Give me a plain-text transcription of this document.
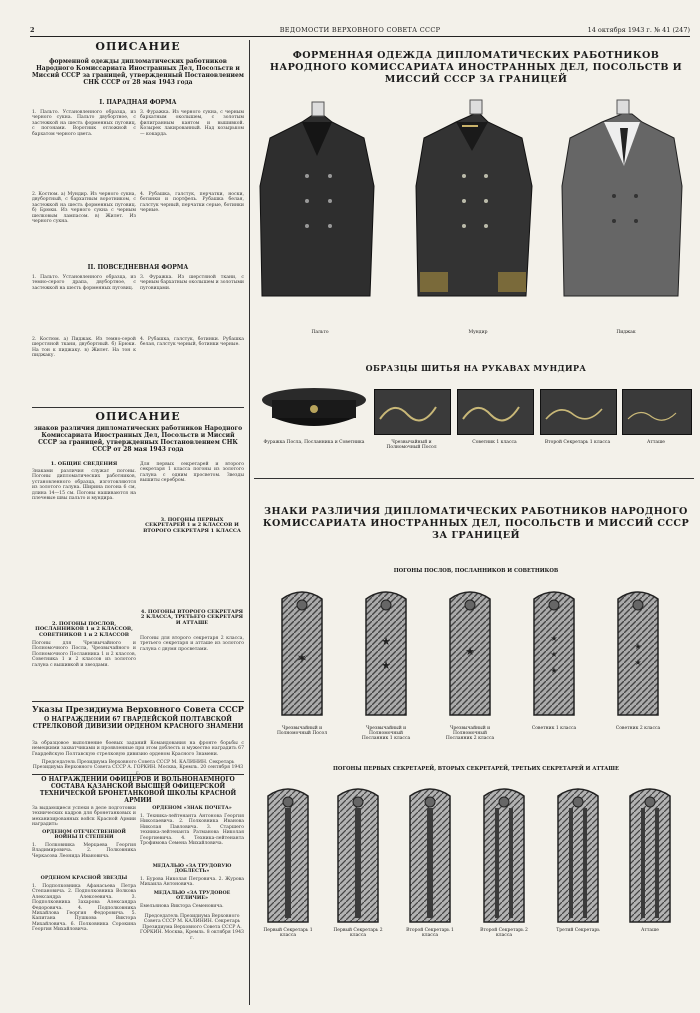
2	ВЕДОМОСТИ ВЕРХОВНОГО СОВЕТА СССР	14 октября 1943 г. № 41 (247)
ОПИСАНИЕ
форменной одежды дипломатических работников Народного Комиссариата Иностранных Дел, Посольств и Миссий СССР за границей, утвержденный Постановлением СНК СССР от 28 мая 1943 года
I. ПАРАДНАЯ ФОРМА
1. Пальто. Установленного образца, из черного сукна. Пальто двубортное, с застежкой на шесть форменных пуговиц, с погонами. Воротник отложной с бархатом черного цвета.
2. Костюм. а) Мундир. Из черного сукна, двубортный, с бархатным воротником, с застежкой на шесть форменных пуговиц. б) Брюки. Из черного сукна с черным шелковым лампасом. в) Жилет. Из черного сукна.
3. Фуражка. Из черного сукна, с черным бархатным околышем, с золотым филигранным кантом и вышивкой. Козырек лакированный. Над козырьком — кокарда.
4. Рубашка, галстук, перчатки, носки, ботинки и портфель. Рубашка белая, галстук черный, перчатки серые, ботинки черные.
II. ПОВСЕДНЕВНАЯ ФОРМА
1. Пальто. Установленного образца, из темно-серого драпа, двубортное, с застежкой на шесть форменных пуговиц.
2. Костюм. а) Пиджак. Из темно-серой шерстяной ткани, двубортный. б) Брюки. На тон к пиджаку. в) Жилет. На тон к пиджаку.
3. Фуражка. Из шерстяной ткани, с черным бархатным околышем и золотыми пуговицами.
4. Рубашка, галстук, ботинки. Рубашка белая, галстук черный, ботинки черные.
ОПИСАНИЕ
знаков различия дипломатических работников Народного Комиссариата Иностранных Дел, Посольств и Миссий СССР за границей, утвержденных Постановлением СНК СССР от 28 мая 1943 года
1. ОБЩИЕ СВЕДЕНИЯ
Знаками различия служат погоны. Погоны дипломатических работников, установленного образца, изготовляются из золотого галуна. Ширина погона 6 см, длина 14—15 см. Погоны нашиваются на плечевые швы пальто и мундира.
2. ПОГОНЫ ПОСЛОВ, ПОСЛАННИКОВ 1 и 2 КЛАССОВ, СОВЕТНИКОВ 1 и 2 КЛАССОВ
Погоны для Чрезвычайного и Полномочного Посла, Чрезвычайного и Полномочного Посланника 1 и 2 классов, Советника 1 и 2 классов из золотого галуна с вышивкой и звездами.
3. ПОГОНЫ ПЕРВЫХ СЕКРЕТАРЕЙ 1 и 2 КЛАССОВ И ВТОРОГО СЕКРЕТАРЯ 1 КЛАССА
Для первых секретарей и второго секретаря 1 класса погоны из золотого галуна с одним просветом. Звезды вышиты серебром.
4. ПОГОНЫ ВТОРОГО СЕКРЕТАРЯ 2 КЛАССА, ТРЕТЬЕГО СЕКРЕТАРЯ И АТТАШЕ
Погоны для второго секретаря 2 класса, третьего секретаря и атташе из золотого галуна с двумя просветами.
Указы Президиума Верховного Совета СССР
О НАГРАЖДЕНИИ 67 ГВАРДЕЙСКОЙ ПОЛТАВСКОЙ СТРЕЛКОВОЙ ДИВИЗИИ ОРДЕНОМ КРАСНОГО ЗНАМЕНИ
За образцовое выполнение боевых заданий Командования на фронте борьбы с немецкими захватчиками и проявленные при этом доблесть и мужество наградить 67 Гвардейскую Полтавскую стрелковую дивизию орденом Красного Знамени.
Председатель Президиума Верховного Совета СССР М. КАЛИНИН. Секретарь Президиума Верховного Совета СССР А. ГОРКИН. Москва, Кремль. 20 сентября 1943
О НАГРАЖДЕНИИ ОФИЦЕРОВ И ВОЛЬНОНАЕМНОГО СОСТАВА КАЗАНСКОЙ ВЫСШЕЙ ОФИЦЕРСКОЙ ТЕХНИЧЕСКОЙ БРОНЕТАНКОВОЙ ШКОЛЫ КРАСНОЙ АРМИИ
За выдающиеся успехи в деле подготовки технических кадров для бронетанковых и механизированных войск Красной Армии наградить:
ОРДЕНОМ ОТЕЧЕСТВЕННОЙ ВОЙНЫ II СТЕПЕНИ
1. Полковника Мерцаева Георгия Владимировича. 2. Полковника Черкасова Леонида Ивановича.
ОРДЕНОМ КРАСНОЙ ЗВЕЗДЫ
1. Подполковника Афанасьева Петра Степановича. 2. Подполковника Волкова Александра Алексеевича. 3. Подполковника Захарова Александра Федоровича. 4. Подполковника Михайлова Георгия Федоровича. 5. Капитана Пушкова Виктора Михайловича. 6. Полковника Сорокина Георгия Михайловича.
ОРДЕНОМ «ЗНАК ПОЧЕТА»
1. Техника-лейтенанта Антонова Георгия Николаевича. 2. Полковника Иванова Николая Павловича. 3. Старшего техника-лейтенанта Ратманова Николая Георгиевича. 4. Техника-лейтенанта Трофимова Семена Михайловича.
МЕДАЛЬЮ «ЗА ТРУДОВУЮ ДОБЛЕСТЬ»
1. Бурова Николая Петровича. 2. Журова Михаила Антоновича.
МЕДАЛЬЮ «ЗА ТРУДОВОЕ ОТЛИЧИЕ»
Емельянова Виктора Семеновича.
Председатель Президиума Верховного Совета СССР М. КАЛИНИН. Секретарь Президиума Верховного Совета СССР А. ГОРКИН. Москва, Кремль. 8 октября 1943 г.
ФОРМЕННАЯ ОДЕЖДА ДИПЛОМАТИЧЕСКИХ РАБОТНИКОВ НАРОДНОГО КОМИССАРИАТА ИНОСТРАННЫХ ДЕЛ, ПОСОЛЬСТВ И МИССИЙ СССР ЗА ГРАНИЦЕЙ
Пальто	Мундир	Пиджак
ОБРАЗЦЫ ШИТЬЯ НА РУКАВАХ МУНДИРА
Фуражка Посла, Посланника и Советника	Чрезвычайный и Полномочный Посол
Советник 1 класса	Второй Секретарь 1 класса	Атташе
ЗНАКИ РАЗЛИЧИЯ ДИПЛОМАТИЧЕСКИХ РАБОТНИКОВ НАРОДНОГО КОМИССАРИАТА ИНОСТРАННЫХ ДЕЛ, ПОСОЛЬСТВ И МИССИЙ СССР ЗА ГРАНИЦЕЙ
ПОГОНЫ ПОСЛОВ, ПОСЛАННИКОВ И СОВЕТНИКОВ
✶
★
★
★
★
★
★
★
★
Чрезвычайный и Полномочный Посол
Чрезвычайный и Полномочный Посланник 1 класса
Чрезвычайный и Полномочный Посланник 2 класса
Советник 1 класса	Советник 2 класса
ПОГОНЫ ПЕРВЫХ СЕКРЕТАРЕЙ, ВТОРЫХ СЕКРЕТАРЕЙ, ТРЕТЬИХ СЕКРЕТАРЕЙ И АТТАШЕ
Первый Секретарь 1 класса
Первый Секретарь 2 класса
Второй Секретарь 1 класса
Второй Секретарь 2 класса
Третий Секретарь	Атташе
